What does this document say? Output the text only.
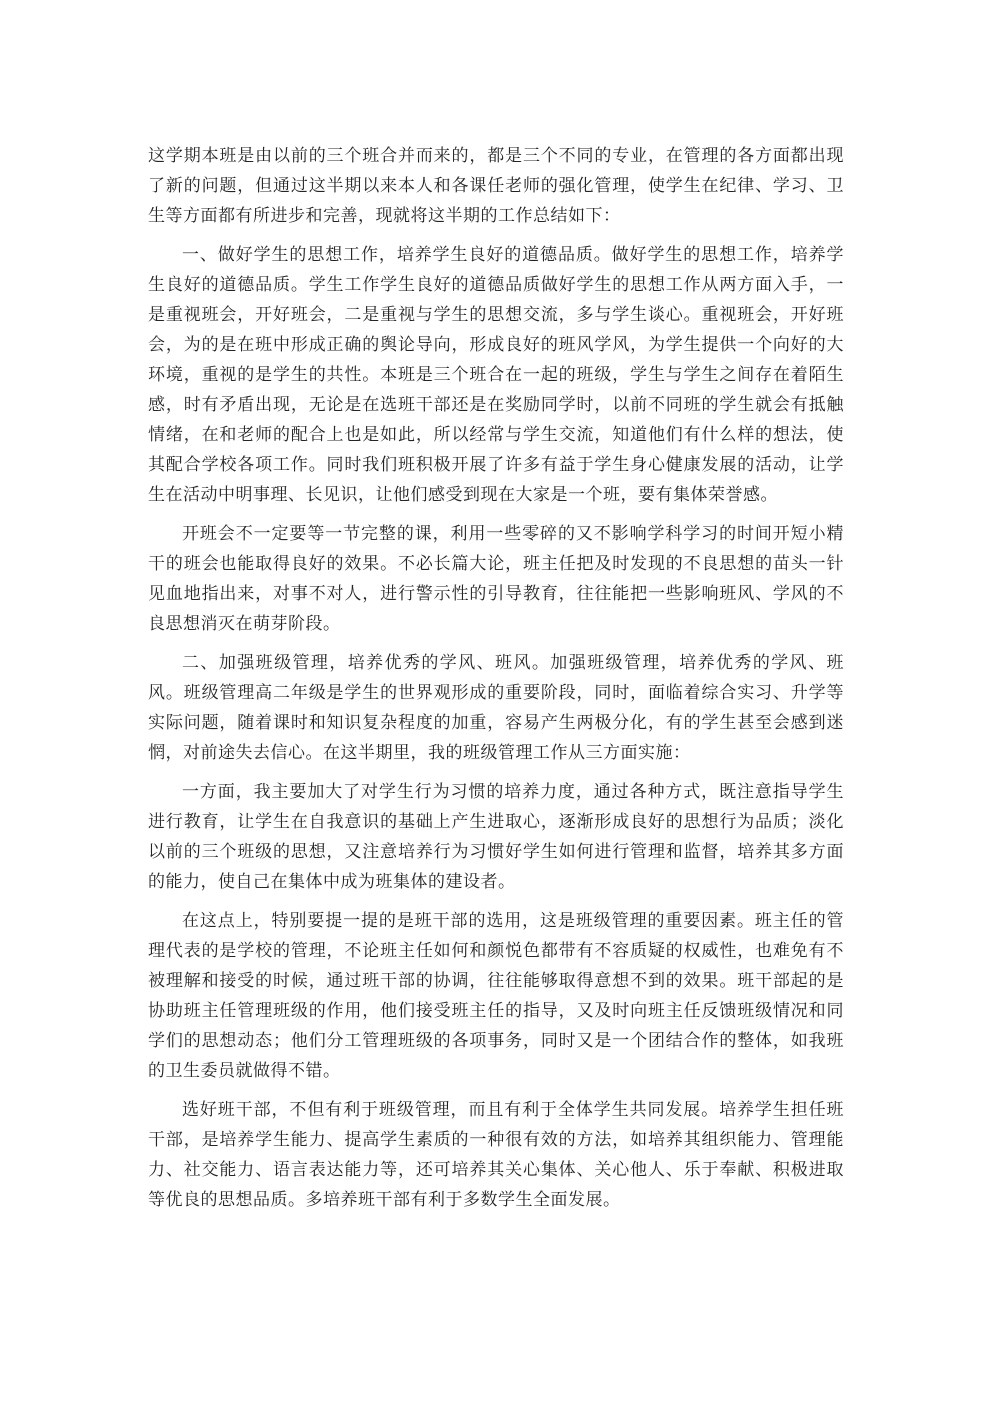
这学期本班是由以前的三个班合并而来的，都是三个不同的专业，在管理的各方面都出现了新的问题，但通过这半期以来本人和各课任老师的强化管理，使学生在纪律、学习、卫生等方面都有所进步和完善，现就将这半期的工作总结如下：

一、做好学生的思想工作，培养学生良好的道德品质。做好学生的思想工作，培养学生良好的道德品质。学生工作学生良好的道德品质做好学生的思想工作从两方面入手，一是重视班会，开好班会，二是重视与学生的思想交流，多与学生谈心。重视班会，开好班会，为的是在班中形成正确的舆论导向，形成良好的班风学风，为学生提供一个向好的大环境，重视的是学生的共性。本班是三个班合在一起的班级，学生与学生之间存在着陌生感，时有矛盾出现，无论是在选班干部还是在奖励同学时，以前不同班的学生就会有抵触情绪，在和老师的配合上也是如此，所以经常与学生交流，知道他们有什么样的想法，使其配合学校各项工作。同时我们班积极开展了许多有益于学生身心健康发展的活动，让学生在活动中明事理、长见识，让他们感受到现在大家是一个班，要有集体荣誉感。

开班会不一定要等一节完整的课，利用一些零碎的又不影响学科学习的时间开短小精干的班会也能取得良好的效果。不必长篇大论，班主任把及时发现的不良思想的苗头一针见血地指出来，对事不对人，进行警示性的引导教育，往往能把一些影响班风、学风的不良思想消灭在萌芽阶段。

二、加强班级管理，培养优秀的学风、班风。加强班级管理，培养优秀的学风、班风。班级管理高二年级是学生的世界观形成的重要阶段，同时，面临着综合实习、升学等实际问题，随着课时和知识复杂程度的加重，容易产生两极分化，有的学生甚至会感到迷惘，对前途失去信心。在这半期里，我的班级管理工作从三方面实施：

一方面，我主要加大了对学生行为习惯的培养力度，通过各种方式，既注意指导学生进行教育，让学生在自我意识的基础上产生进取心，逐渐形成良好的思想行为品质；淡化以前的三个班级的思想，又注意培养行为习惯好学生如何进行管理和监督，培养其多方面的能力，使自己在集体中成为班集体的建设者。

在这点上，特别要提一提的是班干部的选用，这是班级管理的重要因素。班主任的管理代表的是学校的管理，不论班主任如何和颜悦色都带有不容质疑的权威性，也难免有不被理解和接受的时候，通过班干部的协调，往往能够取得意想不到的效果。班干部起的是协助班主任管理班级的作用，他们接受班主任的指导，又及时向班主任反馈班级情况和同学们的思想动态；他们分工管理班级的各项事务，同时又是一个团结合作的整体，如我班的卫生委员就做得不错。

选好班干部，不但有利于班级管理，而且有利于全体学生共同发展。培养学生担任班干部，是培养学生能力、提高学生素质的一种很有效的方法，如培养其组织能力、管理能力、社交能力、语言表达能力等，还可培养其关心集体、关心他人、乐于奉献、积极进取等优良的思想品质。多培养班干部有利于多数学生全面发展。
